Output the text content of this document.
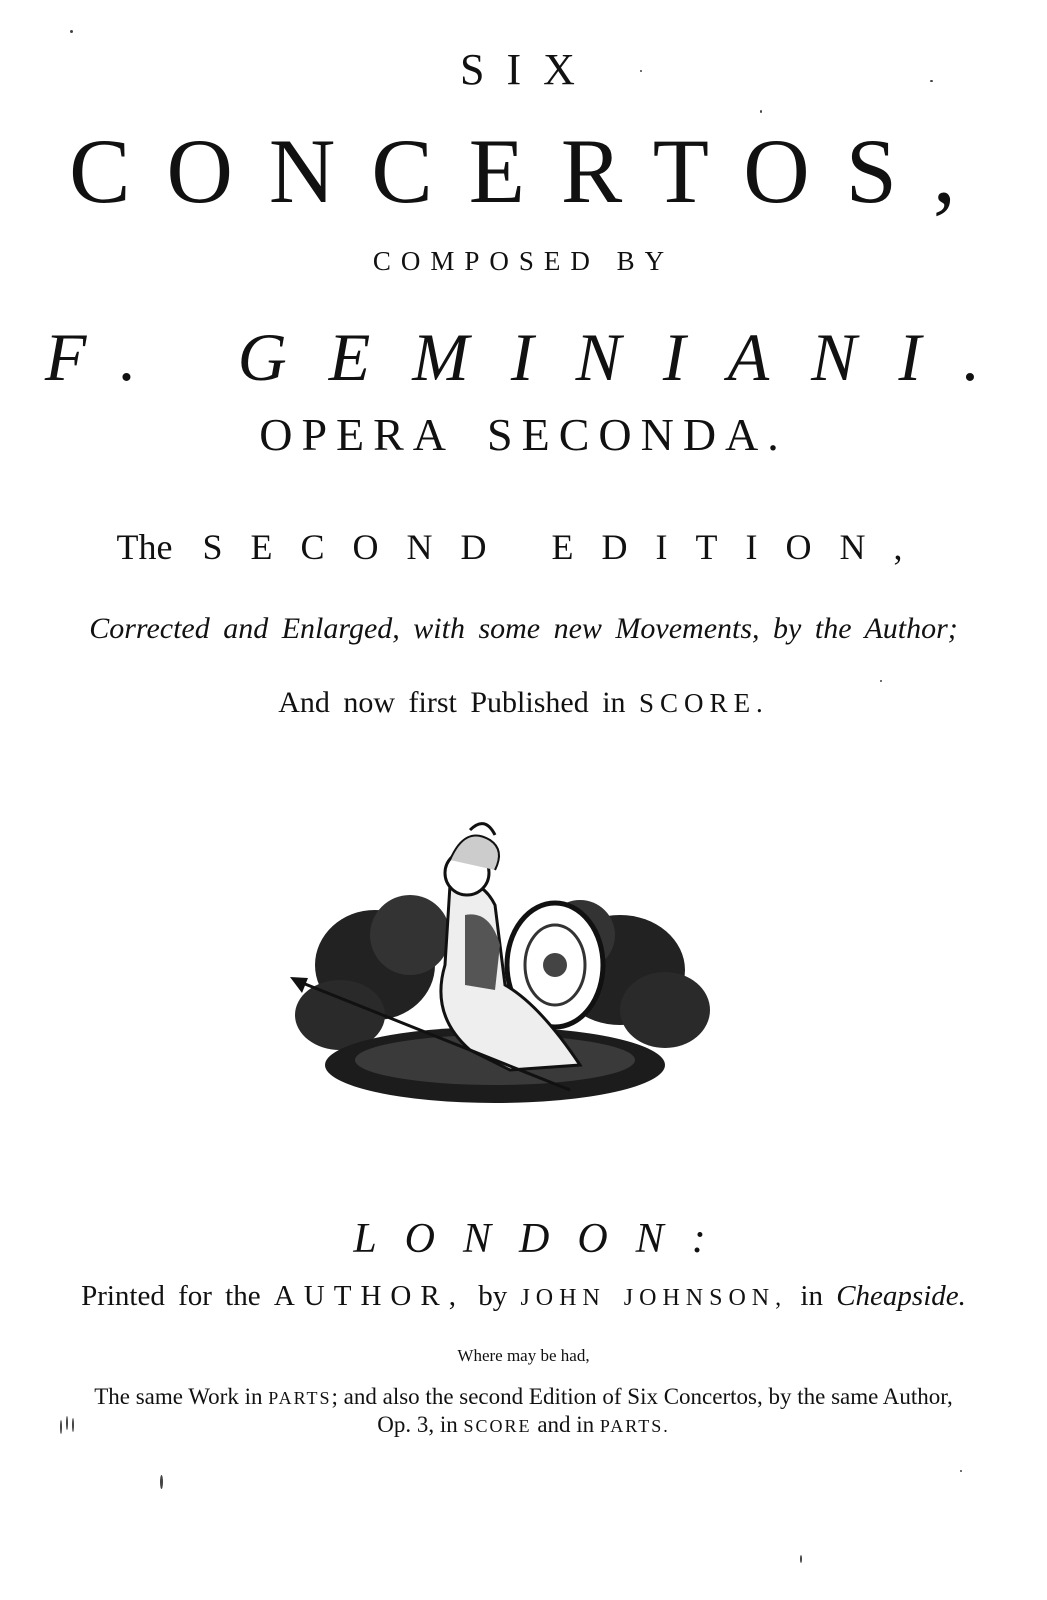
SIX
CONCERTOS,
COMPOSED BY
F. GEMINIANI.
OPERA SECONDA.
The SECOND EDITION,
Corrected and Enlarged, with some new Movements, by the Author;
And now first Published in SCORE.
LONDON:
Printed for the AUTHOR, by JOHN JOHNSON, in Cheapside.
Where may be had,
The same Work in PARTS; and also the second Edition of Six Concertos, by the same Author,
Op. 3, in SCORE and in PARTS.
